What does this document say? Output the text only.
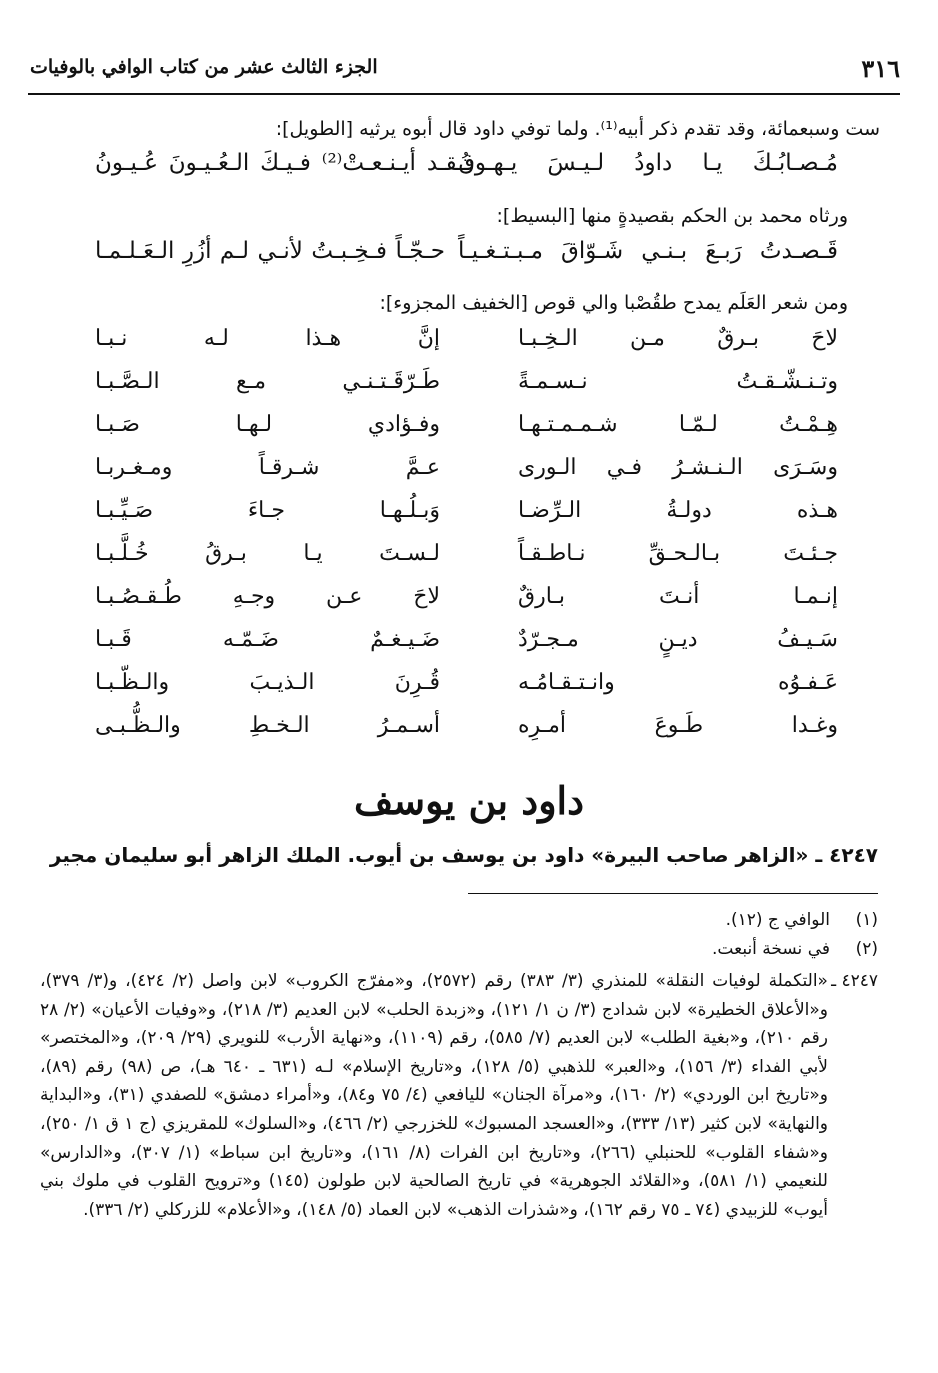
٣١٦
الجزء الثالث عشر من كتاب الوافي بالوفيات
ست وسبعمائة، وقد تقدم ذكر أبيه⁽¹⁾. ولما توفي داود قال أبوه يرثيه [الطويل]:
مُـصـابُـكَ يـا داودُ لـيـسَ يـهـونُ
فـقـد أيـنـعـتْ⁽²⁾ فـيـكَ الـعُـيـونَ عُـيـونُ
ورثاه محمد بن الحكم بقصيدةٍ منها [البسيط]:
قَـصـدتُ رَبـعَ بـنـي شَـوّاقَ مـبـتـغـيـاً
حـجّـاً فـخِـبـتُ لأنـي لـم أزُرِ الـعَـلـمـا
ومن شعر العَلَم يمدح طقُصْبا والي قوص [الخفيف المجزوء]:
لاحَ بـرقٌ مـن الـخِـبـا
إنَّ هـذا لـه نـبـا
وتـنـشّـقـتُ نـسـمـةً
طَـرّقَـتـنـي مـع الـصَّـبـا
هِـمْـتُ لـمّـا شـمـمـتـهـا
وفـؤادي لـهـا صَـبـا
وسَـرَى الـنـشـرُ فـي الـورى
عـمَّ شـرقـاً ومـغـربـا
هـذه دولـةُ الـرِّضـا
وَبـلُـهـا جـاءَ صَـيِّـبـا
جـئـتَ بـالـحـقِّ نـاطـقـاً
لـسـتَ يـا بـرقُ خُـلَّـبـا
إنـمـا أنـتَ بـارقٌ
لاحَ عـن وجـهِ طُـقـصُـبـا
سَـيـفُ ديـنٍ مـجـرّدٌ
ضَـيـغـمٌ ضَـمّـه قَـبـا
عَـفـوُه وانـتـقـامُـه
قُـرِنَ الـذيـبَ والـظّـبـا
وغـدا طَـوعَ أمـرِه
أسـمـرُ الـخـطِ والـظُّـبـى
داود بن يوسف
٤٢٤٧ ـ «الزاهر صاحب البيرة» داود بن يوسف بن أيوب. الملك الزاهر أبو سليمان مجير
(١)
الوافي ج (١٢).
(٢)
في نسخة أنبعت.
٤٢٤٧ ـ

«التكملة لوفيات النقلة» للمنذري (٣/ ٣٨٣) رقم (٢٥٧٢)، و«مفرّج الكروب» لابن واصل (٢/ ٤٢٤)، و(٣/ ٣٧٩)، و«الأعلاق الخطيرة» لابن شدادج (٣/ ن ١/ ١٢١)، و«زبدة الحلب» لابن العديم (٣/ ٢١٨)، و«وفيات الأعيان» (٢/ ٢٨ رقم ٢١٠)، و«بغية الطلب» لابن العديم (٧/ ٥٨٥)، رقم (١١٠٩)، و«نهاية الأرب» للنويري (٢٩/ ٢٠٩)، و«المختصر» لأبي الفداء (٣/ ١٥٦)، و«العبر» للذهبي (٥/ ١٢٨)، و«تاريخ الإسلام» لـه (٦٣١ ـ ٦٤٠ هـ)، ص (٩٨) رقم (٨٩)، و«تاريخ ابن الوردي» (٢/ ١٦٠)، و«مرآة الجنان» لليافعي (٤/ ٧٥ و٨٤)، و«أمراء دمشق» للصفدي (٣١)، و«البداية والنهاية» لابن كثير (١٣/ ٣٣٣)، و«العسجد المسبوك» للخزرجي (٢/ ٤٦٦)، و«السلوك» للمقريزي (ج ١ ق ١/ ٢٥٠)، و«شفاء القلوب» للحنبلي (٢٦٦)، و«تاريخ ابن الفرات (٨/ ١٦١)، و«تاريخ ابن سباط» (١/ ٣٠٧)، و«الدارس» للنعيمي (١/ ٥٨١)، و«القلائد الجوهرية» في تاريخ الصالحية لابن طولون (١٤٥) و«ترويح القلوب في ملوك بني أيوب» للزبيدي (٧٤ ـ ٧٥ رقم ١٦٢)، و«شذرات الذهب» لابن العماد (٥/ ١٤٨)، و«الأعلام» للزركلي (٢/ ٣٣٦).
